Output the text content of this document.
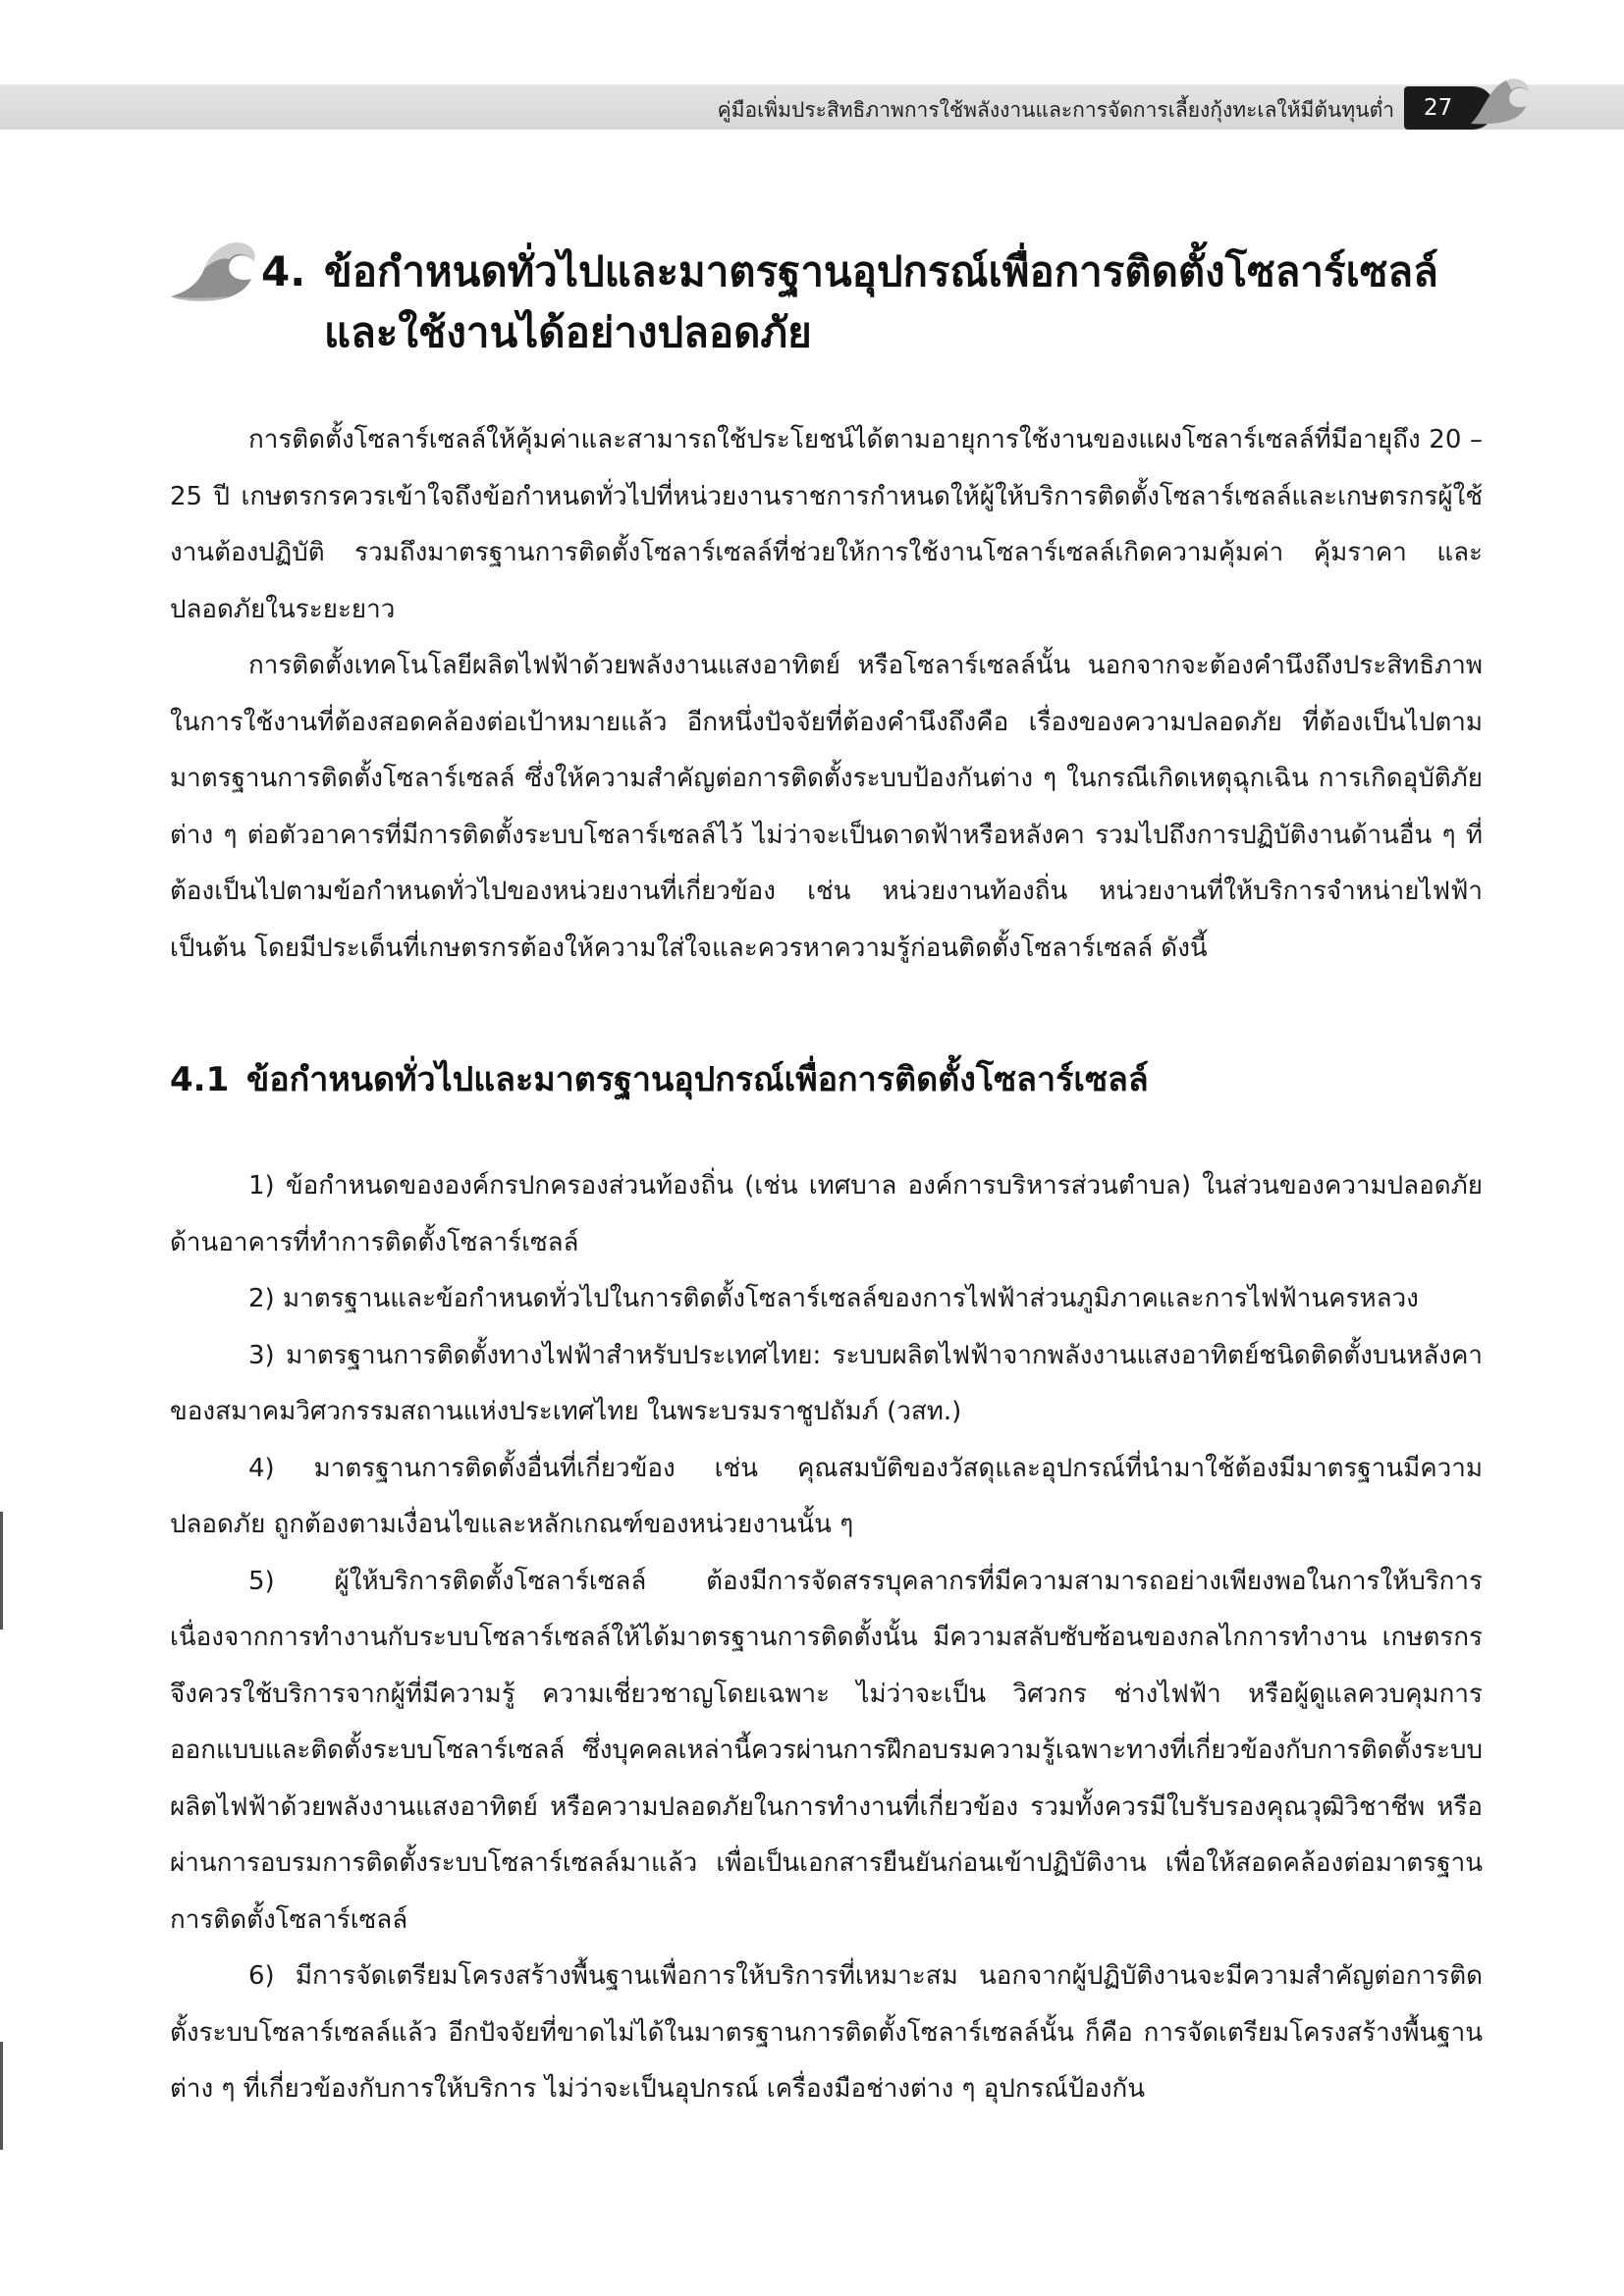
คู่มือเพิ่มประสิทธิภาพการใช้พลังงานและการจัดการเลี้ยงกุ้งทะเลให้มีต้นทุนต่ำ	27
4. ข้อกำหนดทั่วไปและมาตรฐานอุปกรณ์เพื่อการติดตั้งโซลาร์เซลล์
และใช้งานได้อย่างปลอดภัย

การติดตั้งโซลาร์เซลล์ให้คุ้มค่าและสามารถใช้ประโยชน์ได้ตามอายุการใช้งานของแผงโซลาร์เซลล์ที่มีอายุถึง 20 – 25 ปี เกษตรกรควรเข้าใจถึงข้อกำหนดทั่วไปที่หน่วยงานราชการกำหนดให้ผู้ให้บริการติดตั้งโซลาร์เซลล์และเกษตรกรผู้ใช้งานต้องปฏิบัติ รวมถึงมาตรฐานการติดตั้งโซลาร์เซลล์ที่ช่วยให้การใช้งานโซลาร์เซลล์เกิดความคุ้มค่า คุ้มราคา และปลอดภัยในระยะยาว

การติดตั้งเทคโนโลยีผลิตไฟฟ้าด้วยพลังงานแสงอาทิตย์ หรือโซลาร์เซลล์นั้น นอกจากจะต้องคำนึงถึงประสิทธิภาพในการใช้งานที่ต้องสอดคล้องต่อเป้าหมายแล้ว อีกหนึ่งปัจจัยที่ต้องคำนึงถึงคือ เรื่องของความปลอดภัย ที่ต้องเป็นไปตามมาตรฐานการติดตั้งโซลาร์เซลล์ ซึ่งให้ความสำคัญต่อการติดตั้งระบบป้องกันต่าง ๆ ในกรณีเกิดเหตุฉุกเฉิน การเกิดอุบัติภัยต่าง ๆ ต่อตัวอาคารที่มีการติดตั้งระบบโซลาร์เซลล์ไว้ ไม่ว่าจะเป็นดาดฟ้าหรือหลังคา รวมไปถึงการปฏิบัติงานด้านอื่น ๆ ที่ต้องเป็นไปตามข้อกำหนดทั่วไปของหน่วยงานที่เกี่ยวข้อง เช่น หน่วยงานท้องถิ่น หน่วยงานที่ให้บริการจำหน่ายไฟฟ้า เป็นต้น โดยมีประเด็นที่เกษตรกรต้องให้ความใส่ใจและควรหาความรู้ก่อนติดตั้งโซลาร์เซลล์ ดังนี้

4.1 ข้อกำหนดทั่วไปและมาตรฐานอุปกรณ์เพื่อการติดตั้งโซลาร์เซลล์

1) ข้อกำหนดขององค์กรปกครองส่วนท้องถิ่น (เช่น เทศบาล องค์การบริหารส่วนตำบล) ในส่วนของความปลอดภัยด้านอาคารที่ทำการติดตั้งโซลาร์เซลล์

2) มาตรฐานและข้อกำหนดทั่วไปในการติดตั้งโซลาร์เซลล์ของการไฟฟ้าส่วนภูมิภาคและการไฟฟ้านครหลวง

3) มาตรฐานการติดตั้งทางไฟฟ้าสำหรับประเทศไทย: ระบบผลิตไฟฟ้าจากพลังงานแสงอาทิตย์ชนิดติดตั้งบนหลังคา ของสมาคมวิศวกรรมสถานแห่งประเทศไทย ในพระบรมราชูปถัมภ์ (วสท.)

4) มาตรฐานการติดตั้งอื่นที่เกี่ยวข้อง เช่น คุณสมบัติของวัสดุและอุปกรณ์ที่นำมาใช้ต้องมีมาตรฐานมีความปลอดภัย ถูกต้องตามเงื่อนไขและหลักเกณฑ์ของหน่วยงานนั้น ๆ

5) ผู้ให้บริการติดตั้งโซลาร์เซลล์ ต้องมีการจัดสรรบุคลากรที่มีความสามารถอย่างเพียงพอในการให้บริการ เนื่องจากการทำงานกับระบบโซลาร์เซลล์ให้ได้มาตรฐานการติดตั้งนั้น มีความสลับซับซ้อนของกลไกการทำงาน เกษตรกรจึงควรใช้บริการจากผู้ที่มีความรู้ ความเชี่ยวชาญโดยเฉพาะ ไม่ว่าจะเป็น วิศวกร ช่างไฟฟ้า หรือผู้ดูแลควบคุมการออกแบบและติดตั้งระบบโซลาร์เซลล์ ซึ่งบุคคลเหล่านี้ควรผ่านการฝึกอบรมความรู้เฉพาะทางที่เกี่ยวข้องกับการติดตั้งระบบผลิตไฟฟ้าด้วยพลังงานแสงอาทิตย์ หรือความปลอดภัยในการทำงานที่เกี่ยวข้อง รวมทั้งควรมีใบรับรองคุณวุฒิวิชาชีพ หรือผ่านการอบรมการติดตั้งระบบโซลาร์เซลล์มาแล้ว เพื่อเป็นเอกสารยืนยันก่อนเข้าปฏิบัติงาน เพื่อให้สอดคล้องต่อมาตรฐานการติดตั้งโซลาร์เซลล์

6) มีการจัดเตรียมโครงสร้างพื้นฐานเพื่อการให้บริการที่เหมาะสม นอกจากผู้ปฏิบัติงานจะมีความสำคัญต่อการติดตั้งระบบโซลาร์เซลล์แล้ว อีกปัจจัยที่ขาดไม่ได้ในมาตรฐานการติดตั้งโซลาร์เซลล์นั้น ก็คือ การจัดเตรียมโครงสร้างพื้นฐานต่าง ๆ ที่เกี่ยวข้องกับการให้บริการ ไม่ว่าจะเป็นอุปกรณ์ เครื่องมือช่างต่าง ๆ อุปกรณ์ป้องกัน
